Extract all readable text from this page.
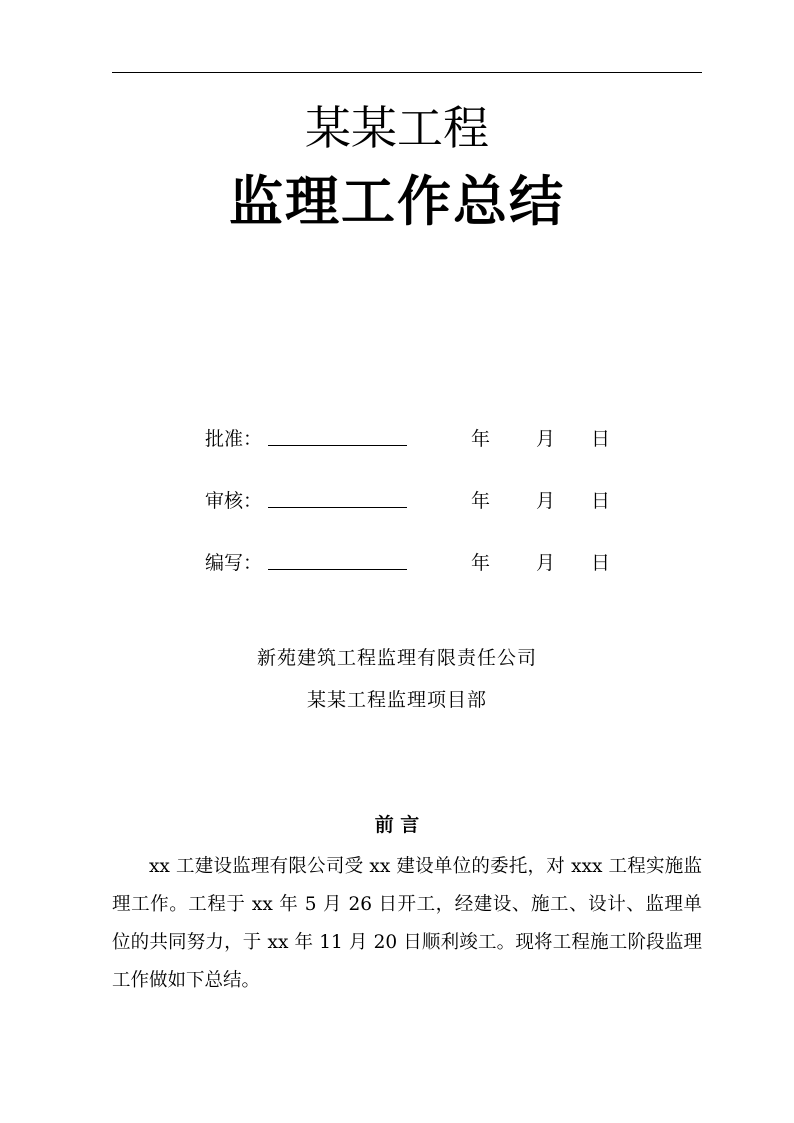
某某工程
监理工作总结
批准：	年 月 日
审核：	年 月 日
编写：	年 月 日
新苑建筑工程监理有限责任公司
某某工程监理项目部
前 言

xx 工建设监理有限公司受 xx 建设单位的委托，对 xxx 工程实施监理工作。工程于 xx 年 5 月 26 日开工，经建设、施工、设计、监理单位的共同努力，于 xx 年 11 月 20 日顺利竣工。现将工程施工阶段监理工作做如下总结。
